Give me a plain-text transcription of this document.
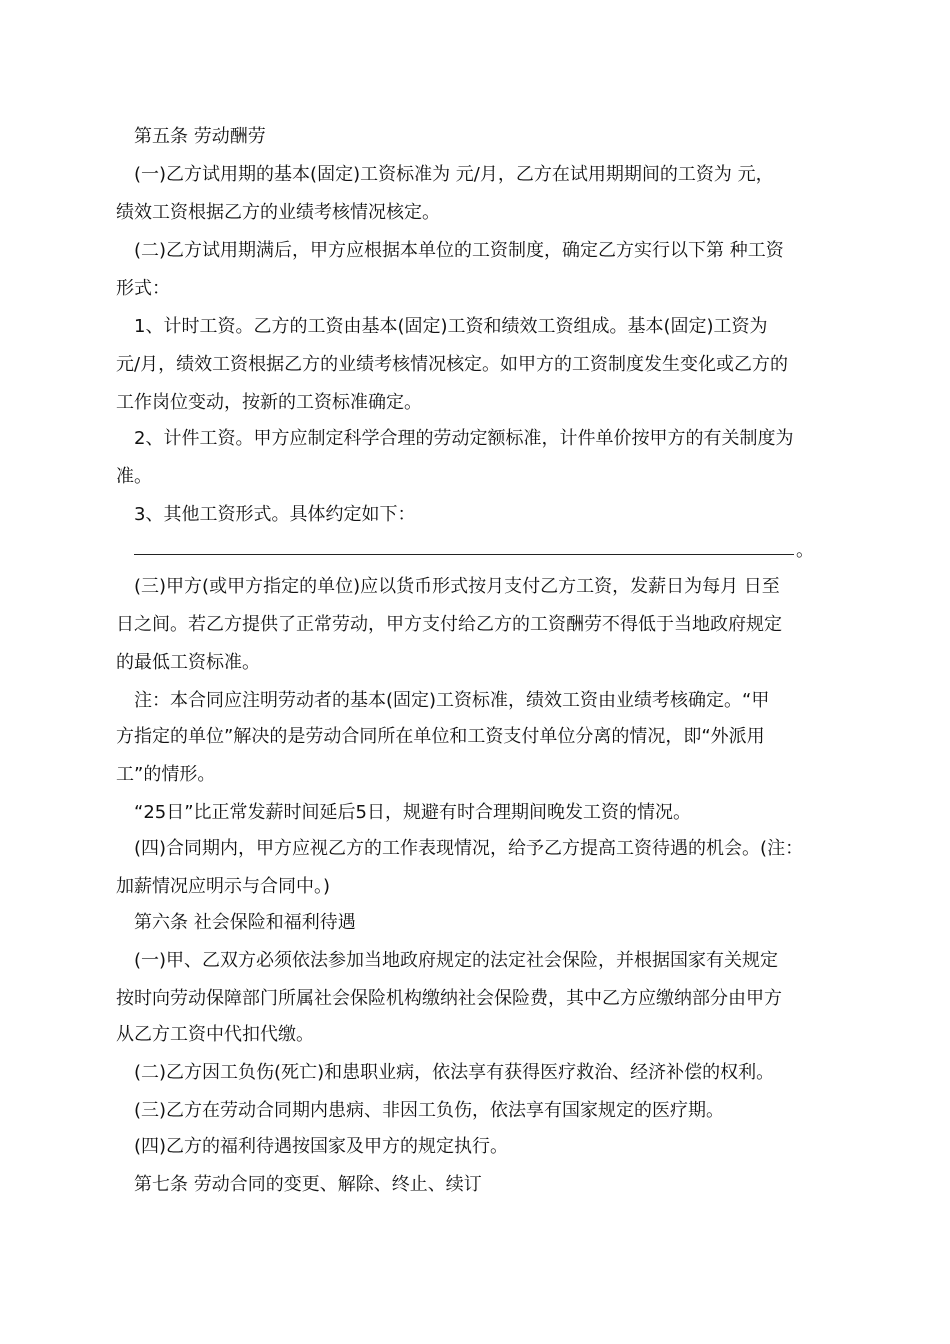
　第五条 劳动酬劳
　(一)乙方试用期的基本(固定)工资标准为 元/月，乙方在试用期期间的工资为 元，
绩效工资根据乙方的业绩考核情况核定。
　(二)乙方试用期满后，甲方应根据本单位的工资制度，确定乙方实行以下第 种工资
形式：
　1、计时工资。乙方的工资由基本(固定)工资和绩效工资组成。基本(固定)工资为
元/月，绩效工资根据乙方的业绩考核情况核定。如甲方的工资制度发生变化或乙方的
工作岗位变动，按新的工资标准确定。
　2、计件工资。甲方应制定科学合理的劳动定额标准，计件单价按甲方的有关制度为
准。
　3、其他工资形式。具体约定如下：
。
　(三)甲方(或甲方指定的单位)应以货币形式按月支付乙方工资，发薪日为每月 日至
日之间。若乙方提供了正常劳动，甲方支付给乙方的工资酬劳不得低于当地政府规定
的最低工资标准。
　注：本合同应注明劳动者的基本(固定)工资标准，绩效工资由业绩考核确定。“甲
方指定的单位”解决的是劳动合同所在单位和工资支付单位分离的情况，即“外派用
工”的情形。
　“25日”比正常发薪时间延后5日，规避有时合理期间晚发工资的情况。
　(四)合同期内，甲方应视乙方的工作表现情况，给予乙方提高工资待遇的机会。(注：
加薪情况应明示与合同中。)
　第六条 社会保险和福利待遇
　(一)甲、乙双方必须依法参加当地政府规定的法定社会保险，并根据国家有关规定
按时向劳动保障部门所属社会保险机构缴纳社会保险费，其中乙方应缴纳部分由甲方
从乙方工资中代扣代缴。
　(二)乙方因工负伤(死亡)和患职业病，依法享有获得医疗救治、经济补偿的权利。
　(三)乙方在劳动合同期内患病、非因工负伤，依法享有国家规定的医疗期。
　(四)乙方的福利待遇按国家及甲方的规定执行。
　第七条 劳动合同的变更、解除、终止、续订
